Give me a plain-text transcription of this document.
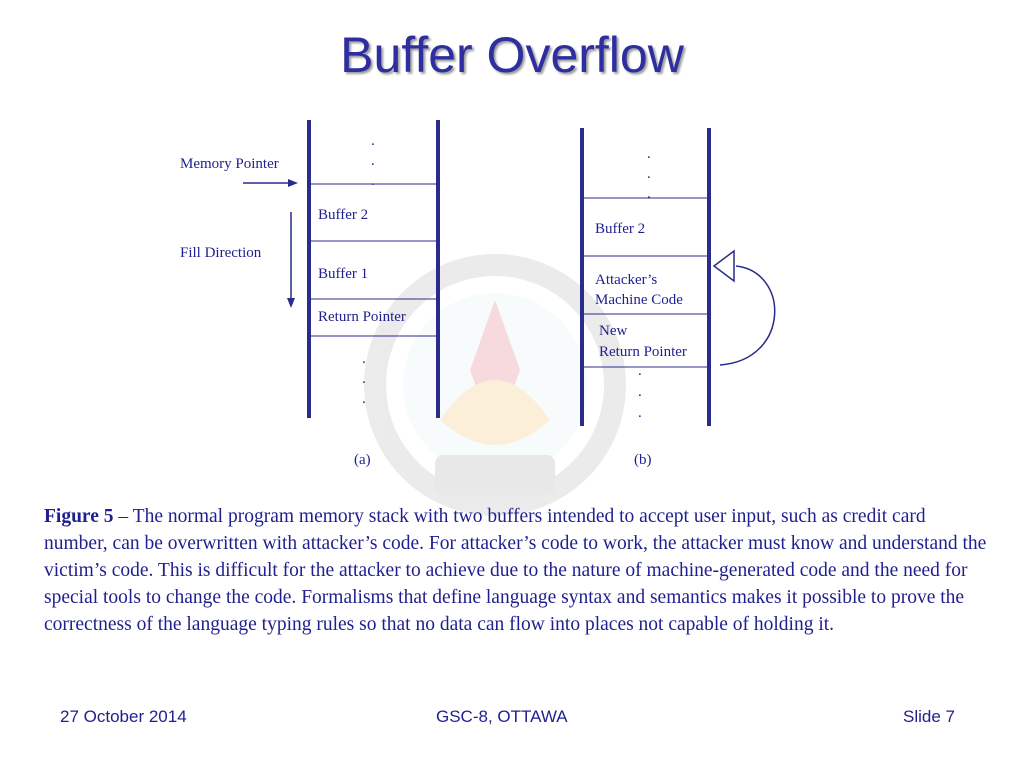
Buffer Overflow
Memory Pointer
Fill Direction
.
.
.
Buffer 2
Buffer 1
Return Pointer
.
.
.
(a)
.
.
.
Buffer 2
Attacker’s
Machine Code
New
Return Pointer
.
.
.
(b)
Figure 5 – The normal program memory stack with two buffers intended to accept user input, such as credit card number, can be overwritten with attacker’s code. For attacker’s code to work, the attacker must know and understand the victim’s code. This is difficult for the attacker to achieve due to the nature of machine-generated code and the need for special tools to change the code. Formalisms that define language syntax and semantics makes it possible to prove the correctness of the language typing rules so that no data can flow into places not capable of holding it.
27 October 2014	GSC-8, OTTAWA	Slide 7
